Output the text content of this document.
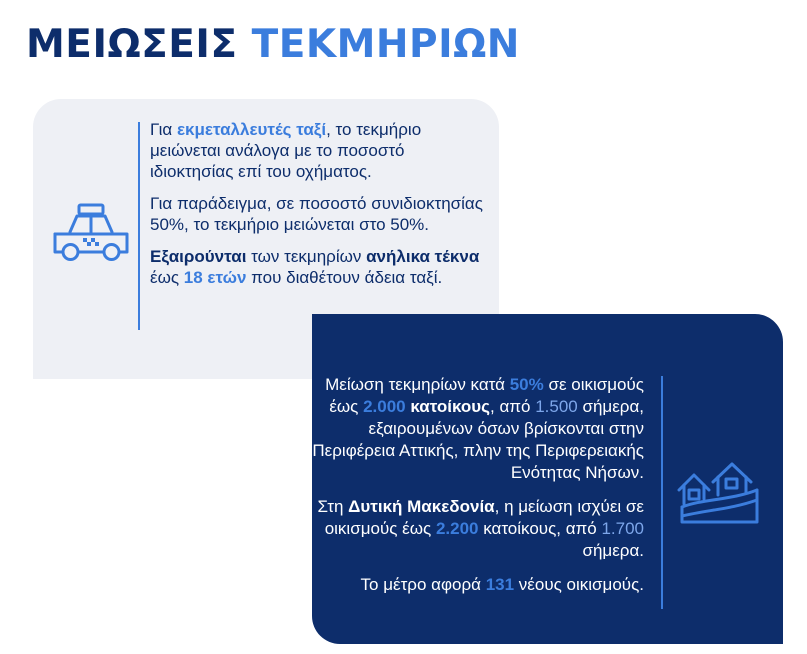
ΜΕΙΩΣΕΙΣ ΤΕΚΜΗΡΙΩΝ

Για εκμεταλλευτές ταξί, το τεκμήριο μειώνεται ανάλογα με το ποσοστό ιδιοκτησίας επί του οχήματος.

Για παράδειγμα, σε ποσοστό συνιδιοκτησίας 50%, το τεκμήριο μειώνεται στο 50%.

Εξαιρούνται των τεκμηρίων ανήλικα τέκνα έως 18 ετών που διαθέτουν άδεια ταξί.

Μείωση τεκμηρίων κατά 50% σε οικισμούς έως 2.000 κατοίκους, από 1.500 σήμερα, εξαιρουμένων όσων βρίσκονται στην Περιφέρεια Αττικής, πλην της Περιφερειακής Ενότητας Νήσων.

Στη Δυτική Μακεδονία, η μείωση ισχύει σε οικισμούς έως 2.200 κατοίκους, από 1.700 σήμερα.

Το μέτρο αφορά 131 νέους οικισμούς.
